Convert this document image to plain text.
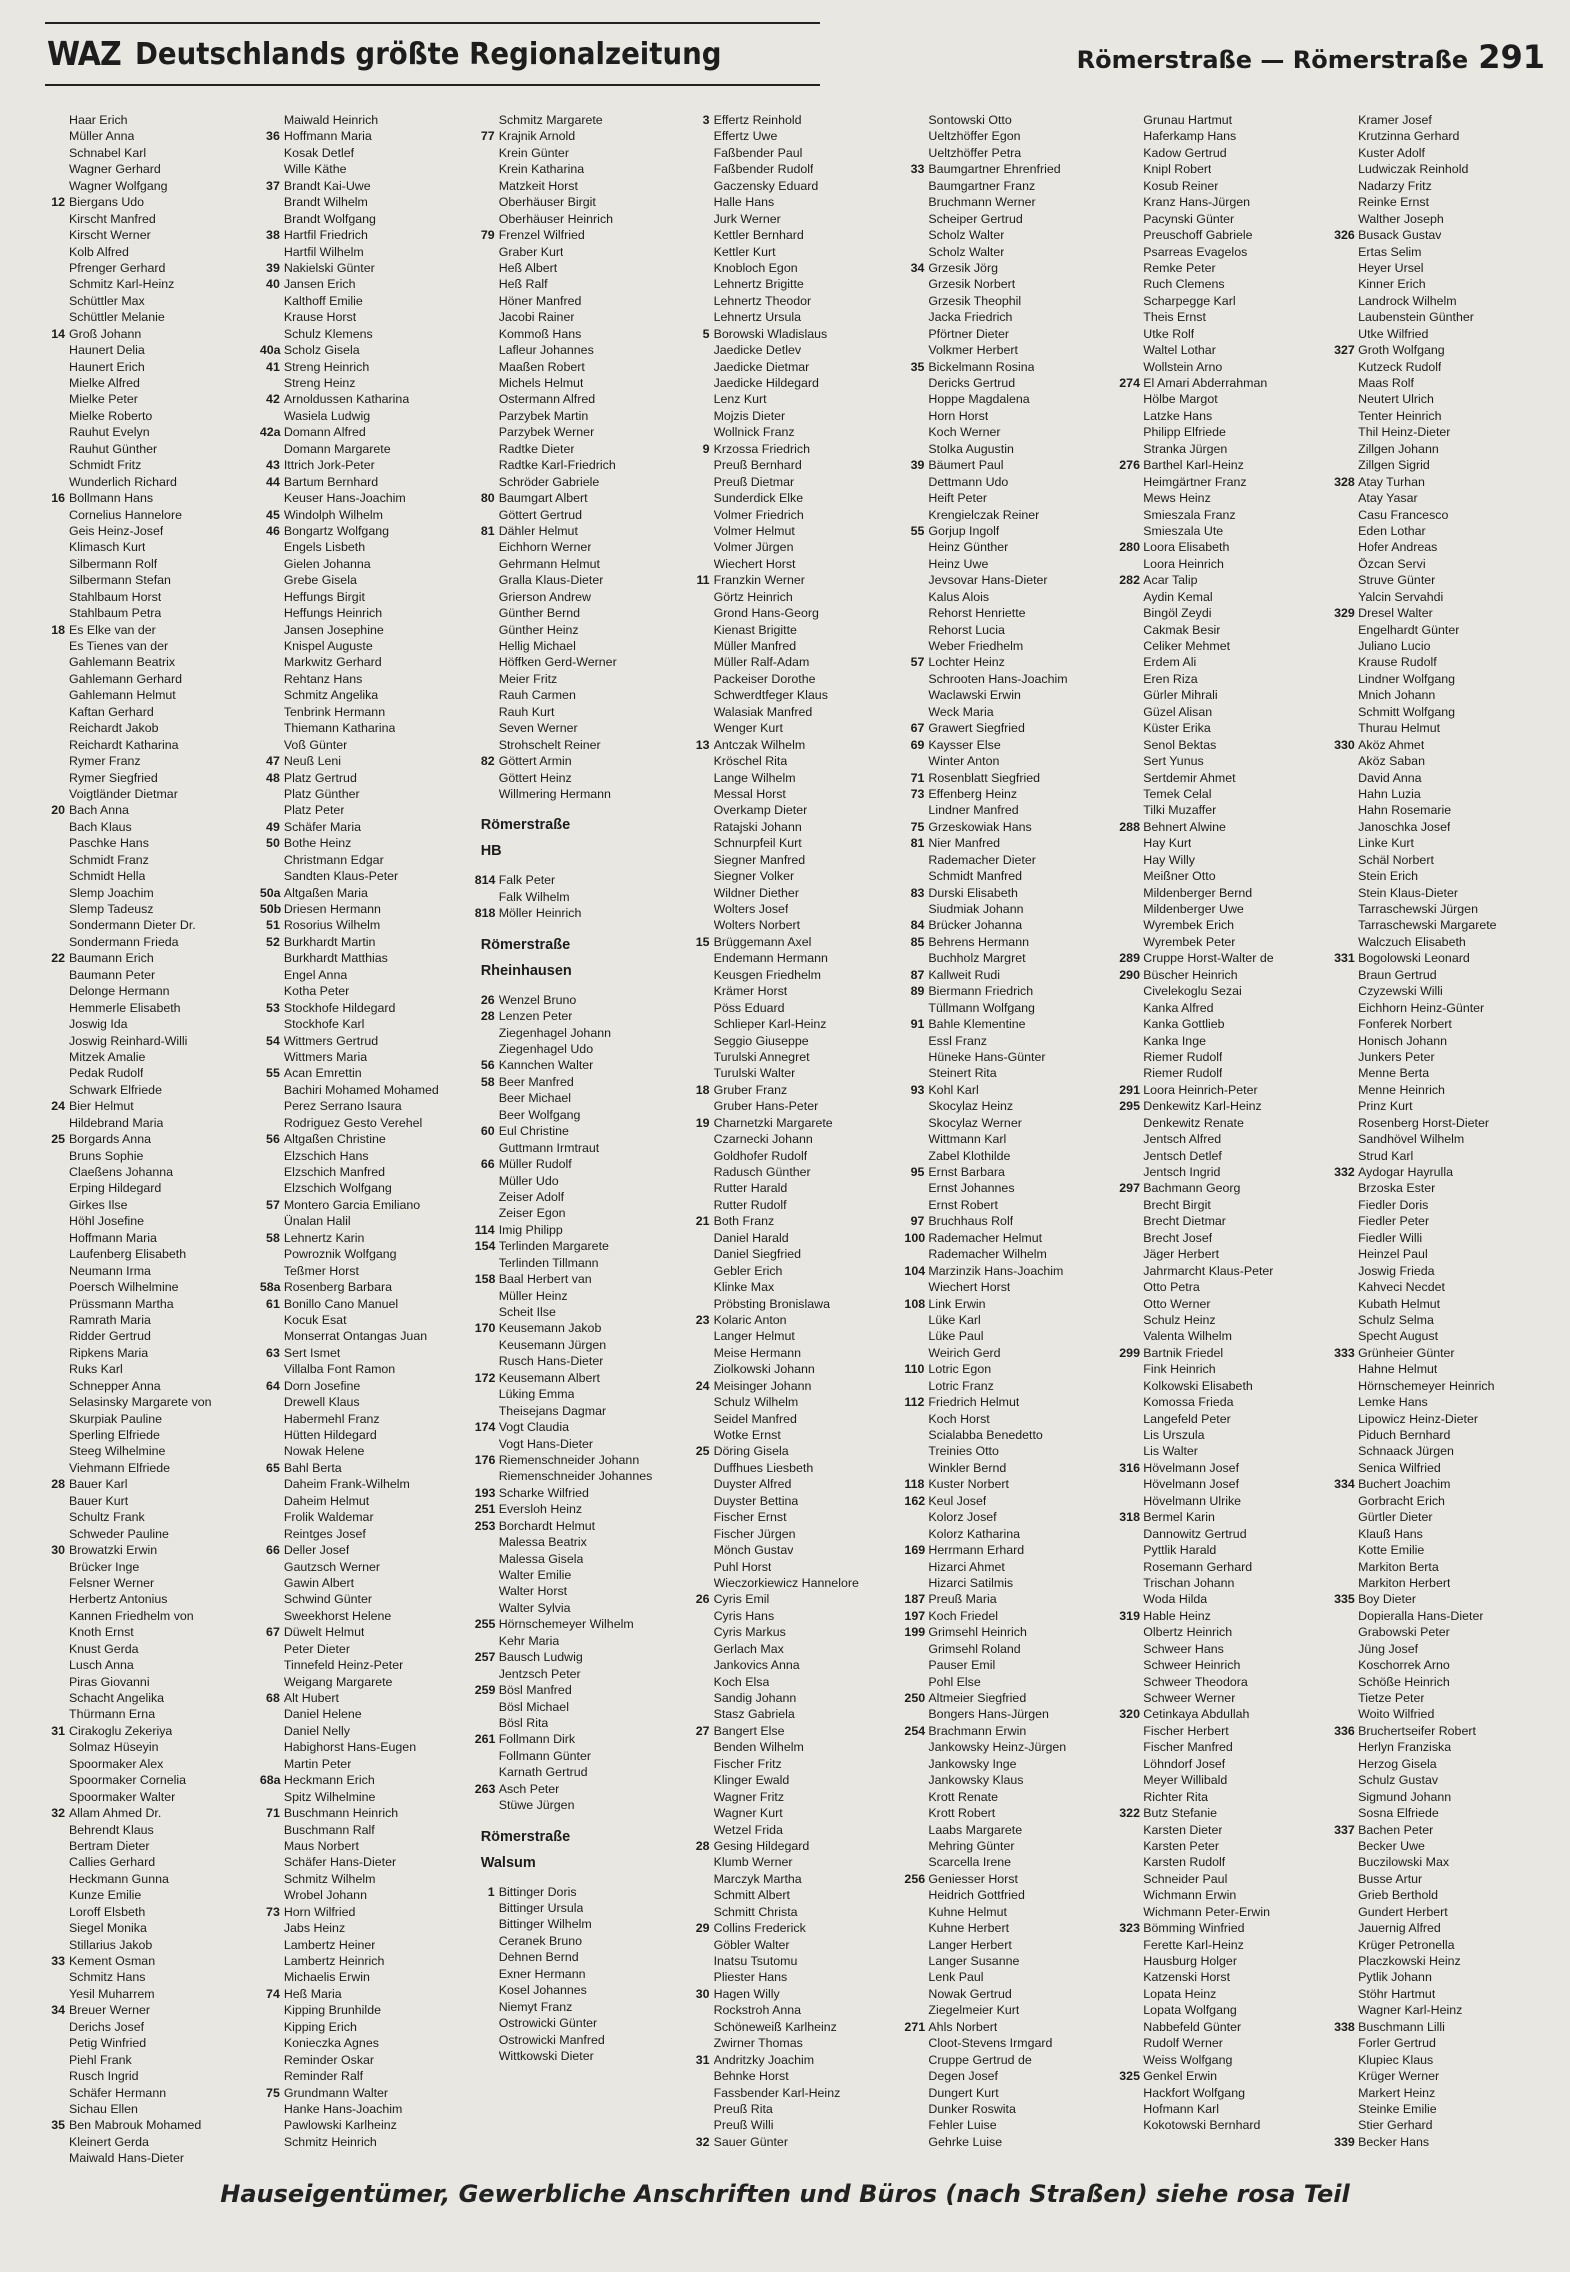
WAZ Deutschlands größte Regionalzeitung	Römerstraße — Römerstraße 291
Haar Erich
Müller Anna
Schnabel Karl
Wagner Gerhard
Wagner Wolfgang
12 Biergans Udo
Kirscht Manfred
Kirscht Werner
Kolb Alfred
Pfrenger Gerhard
Schmitz Karl-Heinz
Schüttler Max
Schüttler Melanie
14 Groß Johann
Haunert Delia
Haunert Erich
Mielke Alfred
Mielke Peter
Mielke Roberto
Rauhut Evelyn
Rauhut Günther
Schmidt Fritz
Wunderlich Richard
16 Bollmann Hans
Cornelius Hannelore
Geis Heinz-Josef
Klimasch Kurt
Silbermann Rolf
Silbermann Stefan
Stahlbaum Horst
Stahlbaum Petra
18 Es Elke van der
Es Tienes van der
Gahlemann Beatrix
Gahlemann Gerhard
Gahlemann Helmut
Kaftan Gerhard
Reichardt Jakob
Reichardt Katharina
Rymer Franz
Rymer Siegfried
Voigtländer Dietmar
20 Bach Anna
Bach Klaus
Paschke Hans
Schmidt Franz
Schmidt Hella
Slemp Joachim
Slemp Tadeusz
Sondermann Dieter Dr.
Sondermann Frieda
22 Baumann Erich
Baumann Peter
Delonge Hermann
Hemmerle Elisabeth
Joswig Ida
Joswig Reinhard-Willi
Mitzek Amalie
Pedak Rudolf
Schwark Elfriede
24 Bier Helmut
Hildebrand Maria
25 Borgards Anna
Bruns Sophie
Claeßens Johanna
Erping Hildegard
Girkes Ilse
Höhl Josefine
Hoffmann Maria
Laufenberg Elisabeth
Neumann Irma
Poersch Wilhelmine
Prüssmann Martha
Ramrath Maria
Ridder Gertrud
Ripkens Maria
Ruks Karl
Schnepper Anna
Selasinsky Margarete von
Skurpiak Pauline
Sperling Elfriede
Steeg Wilhelmine
Viehmann Elfriede
28 Bauer Karl
Bauer Kurt
Schultz Frank
Schweder Pauline
30 Browatzki Erwin
Brücker Inge
Felsner Werner
Herbertz Antonius
Kannen Friedhelm von
Knoth Ernst
Knust Gerda
Lusch Anna
Piras Giovanni
Schacht Angelika
Thürmann Erna
31 Cirakoglu Zekeriya
Solmaz Hüseyin
Spoormaker Alex
Spoormaker Cornelia
Spoormaker Walter
32 Allam Ahmed Dr.
Behrendt Klaus
Bertram Dieter
Callies Gerhard
Heckmann Gunna
Kunze Emilie
Loroff Elsbeth
Siegel Monika
Stillarius Jakob
33 Kement Osman
Schmitz Hans
Yesil Muharrem
34 Breuer Werner
Derichs Josef
Petig Winfried
Piehl Frank
Rusch Ingrid
Schäfer Hermann
Sichau Ellen
35 Ben Mabrouk Mohamed
Kleinert Gerda
Maiwald Hans-Dieter
Maiwald Heinrich
36 Hoffmann Maria
Kosak Detlef
Wille Käthe
37 Brandt Kai-Uwe
Brandt Wilhelm
Brandt Wolfgang
38 Hartfil Friedrich
Hartfil Wilhelm
39 Nakielski Günter
40 Jansen Erich
Kalthoff Emilie
Krause Horst
Schulz Klemens
40a Scholz Gisela
41 Streng Heinrich
Streng Heinz
42 Arnoldussen Katharina
Wasiela Ludwig
42a Domann Alfred
Domann Margarete
43 Ittrich Jork-Peter
44 Bartum Bernhard
Keuser Hans-Joachim
45 Windolph Wilhelm
46 Bongartz Wolfgang
Engels Lisbeth
Gielen Johanna
Grebe Gisela
Heffungs Birgit
Heffungs Heinrich
Jansen Josephine
Knispel Auguste
Markwitz Gerhard
Rehtanz Hans
Schmitz Angelika
Tenbrink Hermann
Thiemann Katharina
Voß Günter
47 Neuß Leni
48 Platz Gertrud
Platz Günther
Platz Peter
49 Schäfer Maria
50 Bothe Heinz
Christmann Edgar
Sandten Klaus-Peter
50a Altgaßen Maria
50b Driesen Hermann
51 Rosorius Wilhelm
52 Burkhardt Martin
Burkhardt Matthias
Engel Anna
Kotha Peter
53 Stockhofe Hildegard
Stockhofe Karl
54 Wittmers Gertrud
Wittmers Maria
55 Acan Emrettin
Bachiri Mohamed Mohamed
Perez Serrano Isaura
Rodriguez Gesto Verehel
56 Altgaßen Christine
Elzschich Hans
Elzschich Manfred
Elzschich Wolfgang
57 Montero Garcia Emiliano
Ünalan Halil
58 Lehnertz Karin
Powroznik Wolfgang
Teßmer Horst
58a Rosenberg Barbara
61 Bonillo Cano Manuel
Kocuk Esat
Monserrat Ontangas Juan
63 Sert Ismet
Villalba Font Ramon
64 Dorn Josefine
Drewell Klaus
Habermehl Franz
Hütten Hildegard
Nowak Helene
65 Bahl Berta
Daheim Frank-Wilhelm
Daheim Helmut
Frolik Waldemar
Reintges Josef
66 Deller Josef
Gautzsch Werner
Gawin Albert
Schwind Günter
Sweekhorst Helene
67 Düwelt Helmut
Peter Dieter
Tinnefeld Heinz-Peter
Weigang Margarete
68 Alt Hubert
Daniel Helene
Daniel Nelly
Habighorst Hans-Eugen
Martin Peter
68a Heckmann Erich
Spitz Wilhelmine
71 Buschmann Heinrich
Buschmann Ralf
Maus Norbert
Schäfer Hans-Dieter
Schmitz Wilhelm
Wrobel Johann
73 Horn Wilfried
Jabs Heinz
Lambertz Heiner
Lambertz Heinrich
Michaelis Erwin
74 Heß Maria
Kipping Brunhilde
Kipping Erich
Konieczka Agnes
Reminder Oskar
Reminder Ralf
75 Grundmann Walter
Hanke Hans-Joachim
Pawlowski Karlheinz
Schmitz Heinrich
Schmitz Margarete
77 Krajnik Arnold
Krein Günter
Krein Katharina
Matzkeit Horst
Oberhäuser Birgit
Oberhäuser Heinrich
79 Frenzel Wilfried
Graber Kurt
Heß Albert
Heß Ralf
Höner Manfred
Jacobi Rainer
Kommoß Hans
Lafleur Johannes
Maaßen Robert
Michels Helmut
Ostermann Alfred
Parzybek Martin
Parzybek Werner
Radtke Dieter
Radtke Karl-Friedrich
Schröder Gabriele
80 Baumgart Albert
Göttert Gertrud
81 Dähler Helmut
Eichhorn Werner
Gehrmann Helmut
Gralla Klaus-Dieter
Grierson Andrew
Günther Bernd
Günther Heinz
Hellig Michael
Höffken Gerd-Werner
Meier Fritz
Rauh Carmen
Rauh Kurt
Seven Werner
Strohschelt Reiner
82 Göttert Armin
Göttert Heinz
Willmering Hermann
Römerstraße
HB
814 Falk Peter
Falk Wilhelm
818 Möller Heinrich
Römerstraße
Rheinhausen
26 Wenzel Bruno
28 Lenzen Peter
Ziegenhagel Johann
Ziegenhagel Udo
56 Kannchen Walter
58 Beer Manfred
Beer Michael
Beer Wolfgang
60 Eul Christine
Guttmann Irmtraut
66 Müller Rudolf
Müller Udo
Zeiser Adolf
Zeiser Egon
114 Imig Philipp
154 Terlinden Margarete
Terlinden Tillmann
158 Baal Herbert van
Müller Heinz
Scheit Ilse
170 Keusemann Jakob
Keusemann Jürgen
Rusch Hans-Dieter
172 Keusemann Albert
Lüking Emma
Theisejans Dagmar
174 Vogt Claudia
Vogt Hans-Dieter
176 Riemenschneider Johann
Riemenschneider Johannes
193 Scharke Wilfried
251 Eversloh Heinz
253 Borchardt Helmut
Malessa Beatrix
Malessa Gisela
Walter Emilie
Walter Horst
Walter Sylvia
255 Hörnschemeyer Wilhelm
Kehr Maria
257 Bausch Ludwig
Jentzsch Peter
259 Bösl Manfred
Bösl Michael
Bösl Rita
261 Follmann Dirk
Follmann Günter
Karnath Gertrud
263 Asch Peter
Stüwe Jürgen
Römerstraße
Walsum
1 Bittinger Doris
Bittinger Ursula
Bittinger Wilhelm
Ceranek Bruno
Dehnen Bernd
Exner Hermann
Kosel Johannes
Niemyt Franz
Ostrowicki Günter
Ostrowicki Manfred
Wittkowski Dieter
3 Effertz Reinhold
Effertz Uwe
Faßbender Paul
Faßbender Rudolf
Gaczensky Eduard
Halle Hans
Jurk Werner
Kettler Bernhard
Kettler Kurt
Knobloch Egon
Lehnertz Brigitte
Lehnertz Theodor
Lehnertz Ursula
5 Borowski Wladislaus
Jaedicke Detlev
Jaedicke Dietmar
Jaedicke Hildegard
Lenz Kurt
Mojzis Dieter
Wollnick Franz
9 Krzossa Friedrich
Preuß Bernhard
Preuß Dietmar
Sunderdick Elke
Volmer Friedrich
Volmer Helmut
Volmer Jürgen
Wiechert Horst
11 Franzkin Werner
Görtz Heinrich
Grond Hans-Georg
Kienast Brigitte
Müller Manfred
Müller Ralf-Adam
Packeiser Dorothe
Schwerdtfeger Klaus
Walasiak Manfred
Wenger Kurt
13 Antczak Wilhelm
Kröschel Rita
Lange Wilhelm
Messal Horst
Overkamp Dieter
Ratajski Johann
Schnurpfeil Kurt
Siegner Manfred
Siegner Volker
Wildner Diether
Wolters Josef
Wolters Norbert
15 Brüggemann Axel
Endemann Hermann
Keusgen Friedhelm
Krämer Horst
Pöss Eduard
Schlieper Karl-Heinz
Seggio Giuseppe
Turulski Annegret
Turulski Walter
18 Gruber Franz
Gruber Hans-Peter
19 Charnetzki Margarete
Czarnecki Johann
Goldhofer Rudolf
Radusch Günther
Rutter Harald
Rutter Rudolf
21 Both Franz
Daniel Harald
Daniel Siegfried
Gebler Erich
Klinke Max
Pröbsting Bronislawa
23 Kolaric Anton
Langer Helmut
Meise Hermann
Ziolkowski Johann
24 Meisinger Johann
Schulz Wilhelm
Seidel Manfred
Wotke Ernst
25 Döring Gisela
Duffhues Liesbeth
Duyster Alfred
Duyster Bettina
Fischer Ernst
Fischer Jürgen
Mönch Gustav
Puhl Horst
Wieczorkiewicz Hannelore
26 Cyris Emil
Cyris Hans
Cyris Markus
Gerlach Max
Jankovics Anna
Koch Elsa
Sandig Johann
Stasz Gabriela
27 Bangert Else
Benden Wilhelm
Fischer Fritz
Klinger Ewald
Wagner Fritz
Wagner Kurt
Wetzel Frida
28 Gesing Hildegard
Klumb Werner
Marczyk Martha
Schmitt Albert
Schmitt Christa
29 Collins Frederick
Göbler Walter
Inatsu Tsutomu
Pliester Hans
30 Hagen Willy
Rockstroh Anna
Schöneweiß Karlheinz
Zwirner Thomas
31 Andritzky Joachim
Behnke Horst
Fassbender Karl-Heinz
Preuß Rita
Preuß Willi
32 Sauer Günter
Sontowski Otto
Ueltzhöffer Egon
Ueltzhöffer Petra
33 Baumgartner Ehrenfried
Baumgartner Franz
Bruchmann Werner
Scheiper Gertrud
Scholz Walter
Scholz Walter
34 Grzesik Jörg
Grzesik Norbert
Grzesik Theophil
Jacka Friedrich
Pförtner Dieter
Volkmer Herbert
35 Bickelmann Rosina
Dericks Gertrud
Hoppe Magdalena
Horn Horst
Koch Werner
Stolka Augustin
39 Bäumert Paul
Dettmann Udo
Heift Peter
Krengielczak Reiner
55 Gorjup Ingolf
Heinz Günther
Heinz Uwe
Jevsovar Hans-Dieter
Kalus Alois
Rehorst Henriette
Rehorst Lucia
Weber Friedhelm
57 Lochter Heinz
Schrooten Hans-Joachim
Waclawski Erwin
Weck Maria
67 Grawert Siegfried
69 Kaysser Else
Winter Anton
71 Rosenblatt Siegfried
73 Effenberg Heinz
Lindner Manfred
75 Grzeskowiak Hans
81 Nier Manfred
Rademacher Dieter
Schmidt Manfred
83 Durski Elisabeth
Siudmiak Johann
84 Brücker Johanna
85 Behrens Hermann
Buchholz Margret
87 Kallweit Rudi
89 Biermann Friedrich
Tüllmann Wolfgang
91 Bahle Klementine
Essl Franz
Hüneke Hans-Günter
Steinert Rita
93 Kohl Karl
Skocylaz Heinz
Skocylaz Werner
Wittmann Karl
Zabel Klothilde
95 Ernst Barbara
Ernst Johannes
Ernst Robert
97 Bruchhaus Rolf
100 Rademacher Helmut
Rademacher Wilhelm
104 Marzinzik Hans-Joachim
Wiechert Horst
108 Link Erwin
Lüke Karl
Lüke Paul
Weirich Gerd
110 Lotric Egon
Lotric Franz
112 Friedrich Helmut
Koch Horst
Scialabba Benedetto
Treinies Otto
Winkler Bernd
118 Kuster Norbert
162 Keul Josef
Kolorz Josef
Kolorz Katharina
169 Herrmann Erhard
Hizarci Ahmet
Hizarci Satilmis
187 Preuß Maria
197 Koch Friedel
199 Grimsehl Heinrich
Grimsehl Roland
Pauser Emil
Pohl Else
250 Altmeier Siegfried
Bongers Hans-Jürgen
254 Brachmann Erwin
Jankowsky Heinz-Jürgen
Jankowsky Inge
Jankowsky Klaus
Krott Renate
Krott Robert
Laabs Margarete
Mehring Günter
Scarcella Irene
256 Geniesser Horst
Heidrich Gottfried
Kuhne Helmut
Kuhne Herbert
Langer Herbert
Langer Susanne
Lenk Paul
Nowak Gertrud
Ziegelmeier Kurt
271 Ahls Norbert
Cloot-Stevens Irmgard
Cruppe Gertrud de
Degen Josef
Dungert Kurt
Dunker Roswita
Fehler Luise
Gehrke Luise
Grunau Hartmut
Haferkamp Hans
Kadow Gertrud
Knipl Robert
Kosub Reiner
Kranz Hans-Jürgen
Pacynski Günter
Preuschoff Gabriele
Psarreas Evagelos
Remke Peter
Ruch Clemens
Scharpegge Karl
Theis Ernst
Utke Rolf
Waltel Lothar
Wollstein Arno
274 El Amari Abderrahman
Hölbe Margot
Latzke Hans
Philipp Elfriede
Stranka Jürgen
276 Barthel Karl-Heinz
Heimgärtner Franz
Mews Heinz
Smieszala Franz
Smieszala Ute
280 Loora Elisabeth
Loora Heinrich
282 Acar Talip
Aydin Kemal
Bingöl Zeydi
Cakmak Besir
Celiker Mehmet
Erdem Ali
Eren Riza
Gürler Mihrali
Güzel Alisan
Küster Erika
Senol Bektas
Sert Yunus
Sertdemir Ahmet
Temek Celal
Tilki Muzaffer
288 Behnert Alwine
Hay Kurt
Hay Willy
Meißner Otto
Mildenberger Bernd
Mildenberger Uwe
Wyrembek Erich
Wyrembek Peter
289 Cruppe Horst-Walter de
290 Büscher Heinrich
Civelekoglu Sezai
Kanka Alfred
Kanka Gottlieb
Kanka Inge
Riemer Rudolf
Riemer Rudolf
291 Loora Heinrich-Peter
295 Denkewitz Karl-Heinz
Denkewitz Renate
Jentsch Alfred
Jentsch Detlef
Jentsch Ingrid
297 Bachmann Georg
Brecht Birgit
Brecht Dietmar
Brecht Josef
Jäger Herbert
Jahrmarcht Klaus-Peter
Otto Petra
Otto Werner
Schulz Heinz
Valenta Wilhelm
299 Bartnik Friedel
Fink Heinrich
Kolkowski Elisabeth
Komossa Frieda
Langefeld Peter
Lis Urszula
Lis Walter
316 Hövelmann Josef
Hövelmann Josef
Hövelmann Ulrike
318 Bermel Karin
Dannowitz Gertrud
Pyttlik Harald
Rosemann Gerhard
Trischan Johann
Woda Hilda
319 Hable Heinz
Olbertz Heinrich
Schweer Hans
Schweer Heinrich
Schweer Theodora
Schweer Werner
320 Cetinkaya Abdullah
Fischer Herbert
Fischer Manfred
Löhndorf Josef
Meyer Willibald
Richter Rita
322 Butz Stefanie
Karsten Dieter
Karsten Peter
Karsten Rudolf
Schneider Paul
Wichmann Erwin
Wichmann Peter-Erwin
323 Bömming Winfried
Ferette Karl-Heinz
Hausburg Holger
Katzenski Horst
Lopata Heinz
Lopata Wolfgang
Nabbefeld Günter
Rudolf Werner
Weiss Wolfgang
325 Genkel Erwin
Hackfort Wolfgang
Hofmann Karl
Kokotowski Bernhard
Kramer Josef
Krutzinna Gerhard
Kuster Adolf
Ludwiczak Reinhold
Nadarzy Fritz
Reinke Ernst
Walther Joseph
326 Busack Gustav
Ertas Selim
Heyer Ursel
Kinner Erich
Landrock Wilhelm
Laubenstein Günther
Utke Wilfried
327 Groth Wolfgang
Kutzeck Rudolf
Maas Rolf
Neutert Ulrich
Tenter Heinrich
Thil Heinz-Dieter
Zillgen Johann
Zillgen Sigrid
328 Atay Turhan
Atay Yasar
Casu Francesco
Eden Lothar
Hofer Andreas
Özcan Servi
Struve Günter
Yalcin Servahdi
329 Dresel Walter
Engelhardt Günter
Juliano Lucio
Krause Rudolf
Lindner Wolfgang
Mnich Johann
Schmitt Wolfgang
Thurau Helmut
330 Aköz Ahmet
Aköz Saban
David Anna
Hahn Luzia
Hahn Rosemarie
Janoschka Josef
Linke Kurt
Schäl Norbert
Stein Erich
Stein Klaus-Dieter
Tarraschewski Jürgen
Tarraschewski Margarete
Walczuch Elisabeth
331 Bogolowski Leonard
Braun Gertrud
Czyzewski Willi
Eichhorn Heinz-Günter
Fonferek Norbert
Honisch Johann
Junkers Peter
Menne Berta
Menne Heinrich
Prinz Kurt
Rosenberg Horst-Dieter
Sandhövel Wilhelm
Strud Karl
332 Aydogar Hayrulla
Brzoska Ester
Fiedler Doris
Fiedler Peter
Fiedler Willi
Heinzel Paul
Joswig Frieda
Kahveci Necdet
Kubath Helmut
Schulz Selma
Specht August
333 Grünheier Günter
Hahne Helmut
Hörnschemeyer Heinrich
Lemke Hans
Lipowicz Heinz-Dieter
Piduch Bernhard
Schnaack Jürgen
Senica Wilfried
334 Buchert Joachim
Gorbracht Erich
Gürtler Dieter
Klauß Hans
Kotte Emilie
Markiton Berta
Markiton Herbert
335 Boy Dieter
Dopieralla Hans-Dieter
Grabowski Peter
Jüng Josef
Koschorrek Arno
Schöße Heinrich
Tietze Peter
Woito Wilfried
336 Bruchertseifer Robert
Herlyn Franziska
Herzog Gisela
Schulz Gustav
Sigmund Johann
Sosna Elfriede
337 Bachen Peter
Becker Uwe
Buczilowski Max
Busse Artur
Grieb Berthold
Gundert Herbert
Jauernig Alfred
Krüger Petronella
Placzkowski Heinz
Pytlik Johann
Stöhr Hartmut
Wagner Karl-Heinz
338 Buschmann Lilli
Forler Gertrud
Klupiec Klaus
Krüger Werner
Markert Heinz
Steinke Emilie
Stier Gerhard
339 Becker Hans
Hauseigentümer, Gewerbliche Anschriften und Büros (nach Straßen) siehe rosa Teil
